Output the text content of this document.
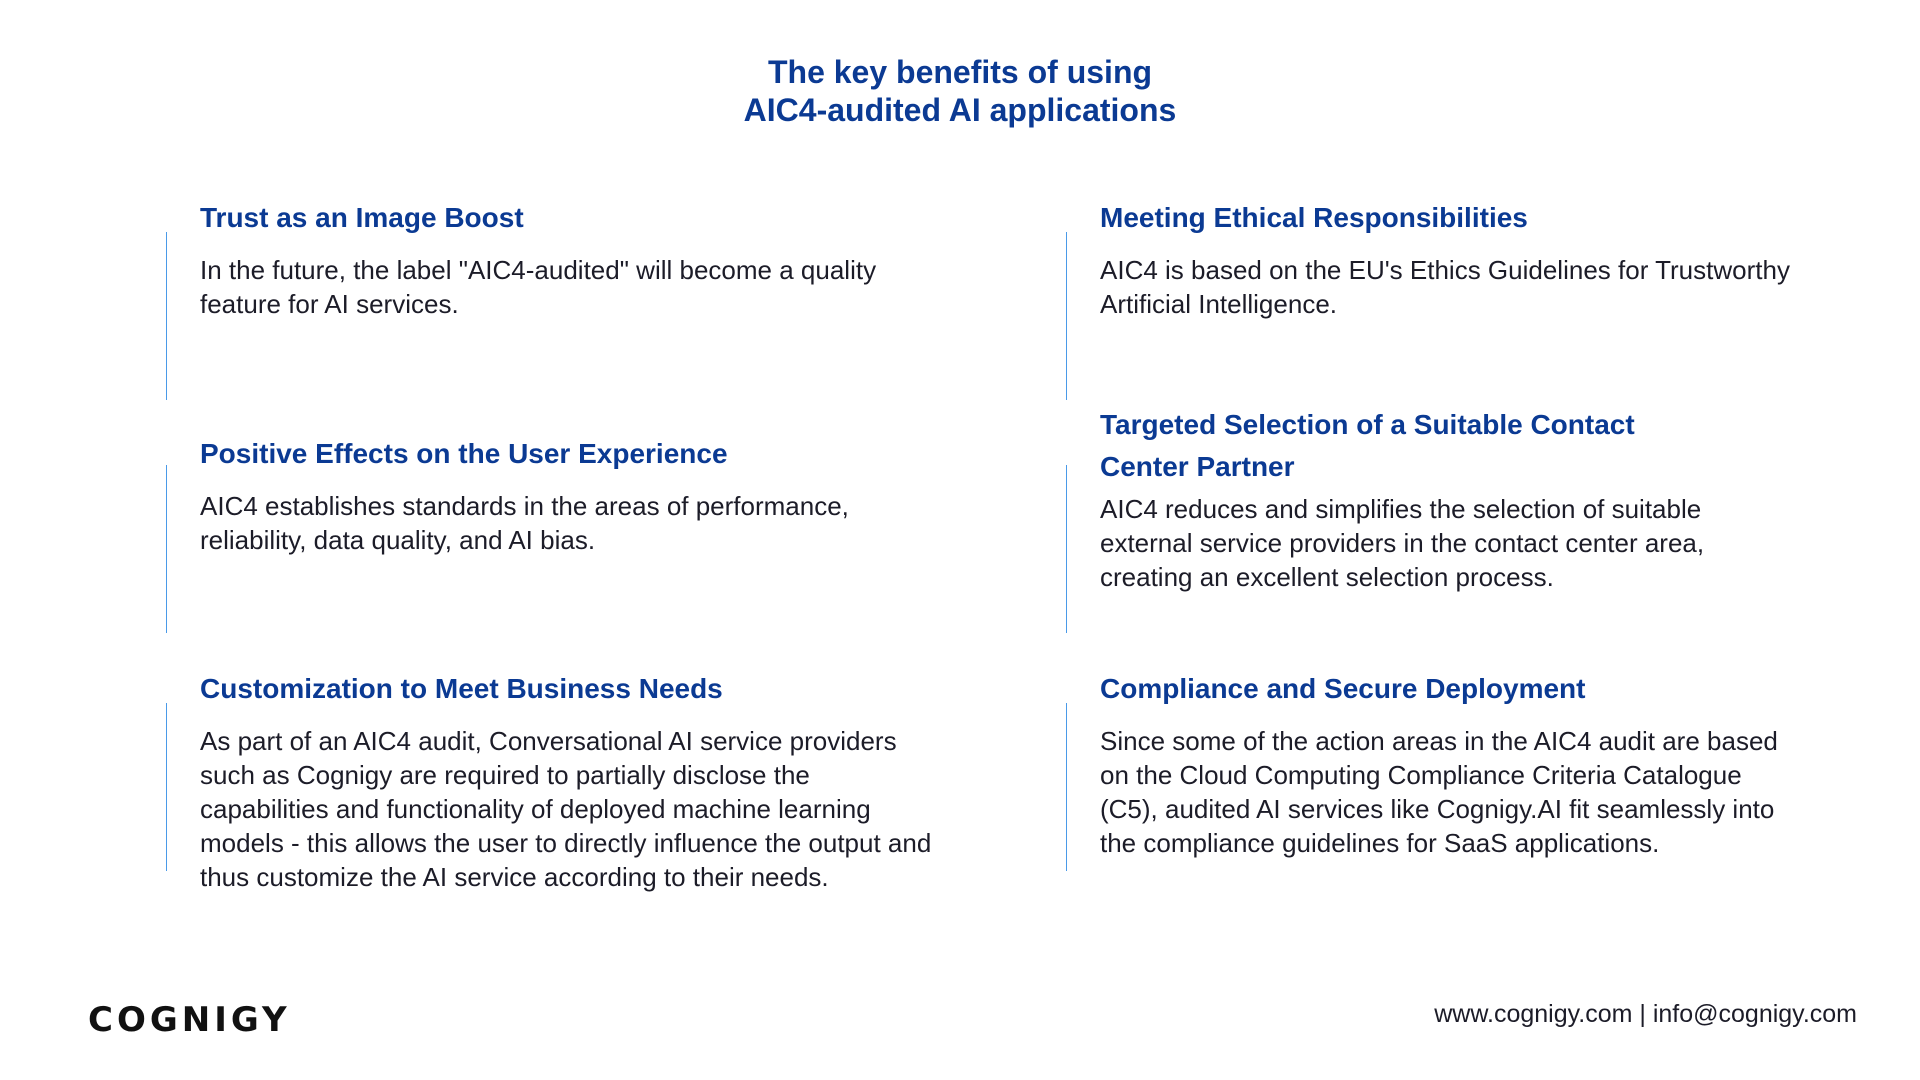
The key benefits of using
AIC4-audited AI applications
Trust as an Image Boost

In the future, the label "AIC4-audited" will become a quality feature for AI services.

Positive Effects on the User Experience

AIC4 establishes standards in the areas of performance, reliability, data quality, and AI bias.

Customization to Meet Business Needs

As part of an AIC4 audit, Conversational AI service providers such as Cognigy are required to partially disclose the capabilities and functionality of deployed machine learning models - this allows the user to directly influence the output and thus customize the AI service according to their needs.

Meeting Ethical Responsibilities

AIC4 is based on the EU's Ethics Guidelines for Trustworthy Artificial Intelligence.

Targeted Selection of a Suitable Contact Center Partner

AIC4 reduces and simplifies the selection of suitable external service providers in the contact center area, creating an excellent selection process.

Compliance and Secure Deployment

Since some of the action areas in the AIC4 audit are based on the Cloud Computing Compliance Criteria Catalogue (C5), audited AI services like Cognigy.AI fit seamlessly into the compliance guidelines for SaaS applications.

COGNIGY	www.cognigy.com | info@cognigy.com
